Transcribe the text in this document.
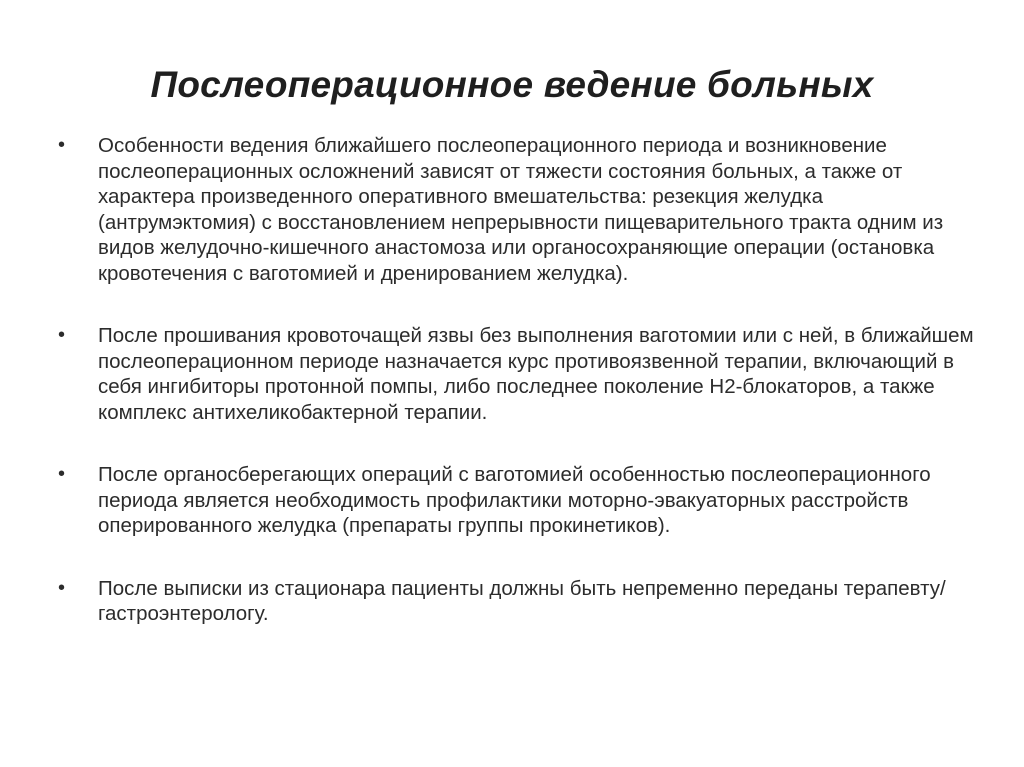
Послеоперационное ведение больных
• Особенности ведения ближайшего послеоперационного периода и возникновение послеоперационных осложнений зависят от тяжести состояния больных, а также от характера произведенного оперативного вмешательства: резекция желудка (антрумэктомия) с восстановлением непрерывности пищеварительного тракта одним из видов желудочно-кишечного анастомоза или органосохраняющие операции (остановка кровотечения с ваготомией и дренированием желудка).
• После прошивания кровоточащей язвы без выполнения ваготомии или с ней, в ближайшем послеоперационном периоде назначается курс противоязвенной терапии, включающий в себя ингибиторы протонной помпы, либо последнее поколение Н2-блокаторов, а также комплекс антихеликобактерной терапии.
• После органосберегающих операций с ваготомией особенностью послеоперационного периода является необходимость профилактики моторно-эвакуаторных расстройств оперированного желудка (препараты группы прокинетиков).
• После выписки из стационара пациенты должны быть непременно переданы терапевту/гастроэнтерологу.
